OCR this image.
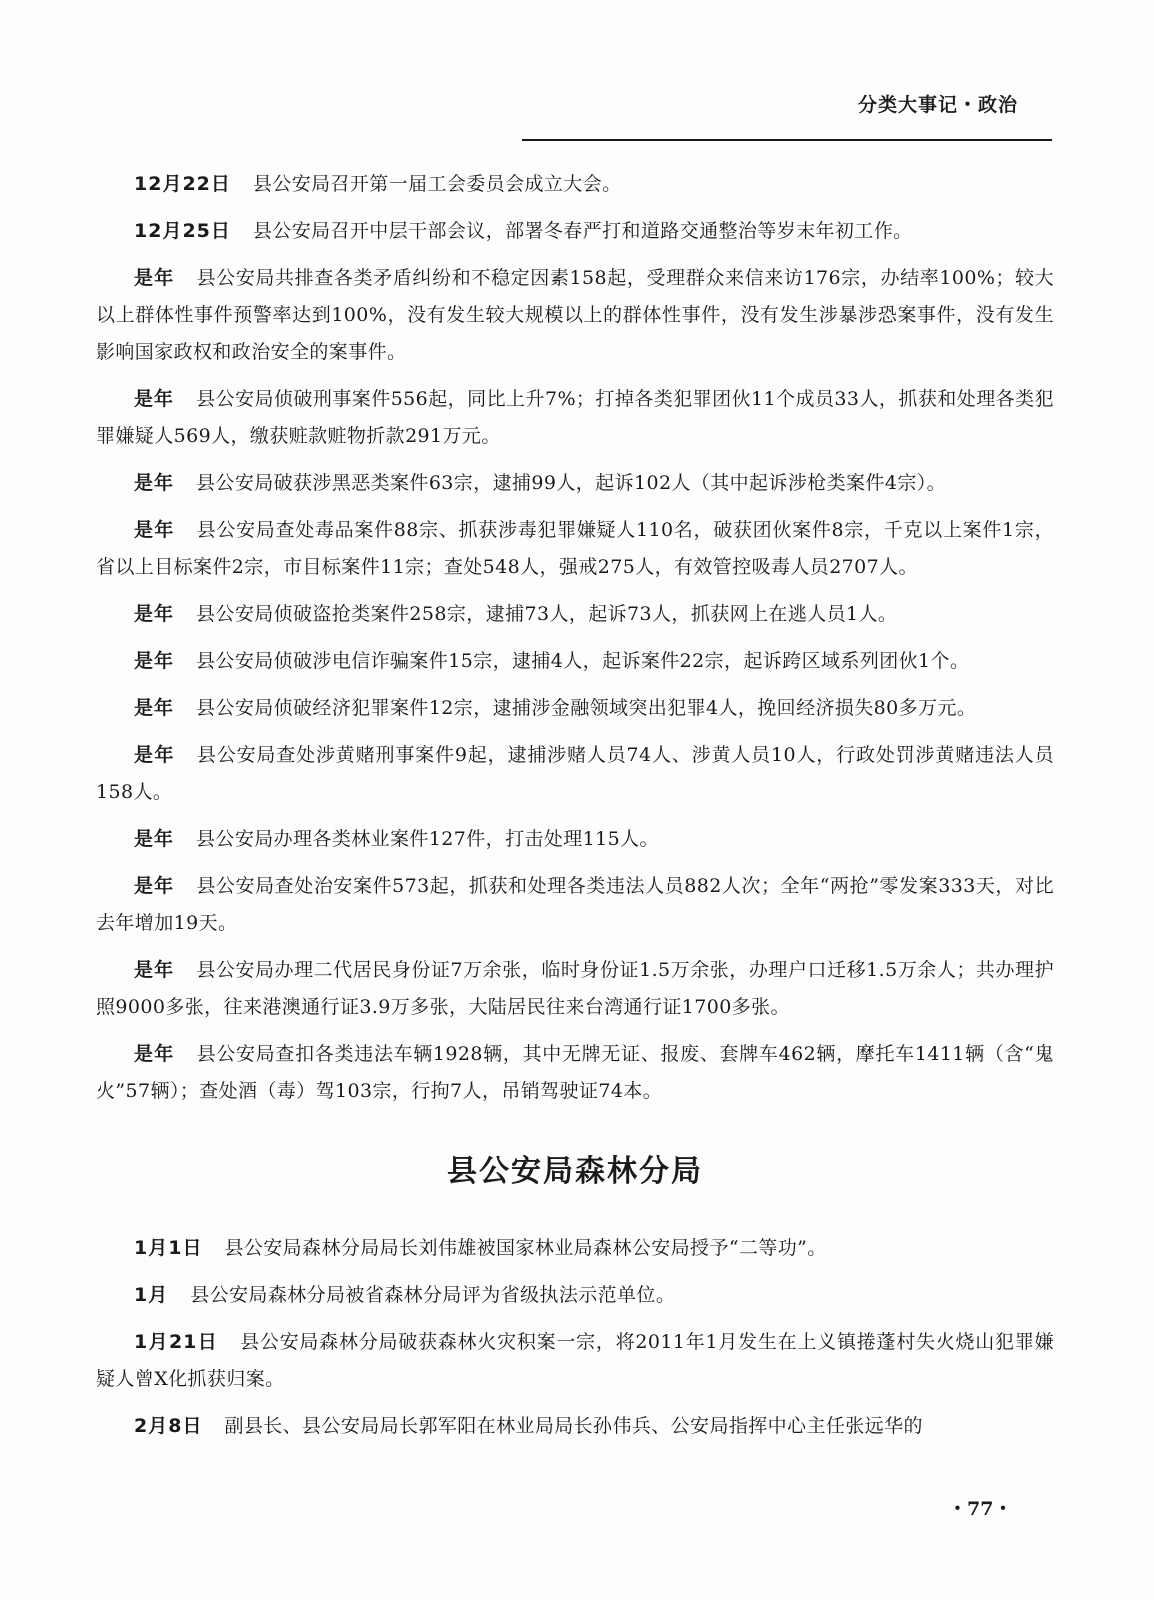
分类大事记・政治

12月22日 县公安局召开第一届工会委员会成立大会。

12月25日 县公安局召开中层干部会议，部署冬春严打和道路交通整治等岁末年初工作。

是年 县公安局共排查各类矛盾纠纷和不稳定因素158起，受理群众来信来访176宗，办结率100%；较大以上群体性事件预警率达到100%，没有发生较大规模以上的群体性事件，没有发生涉暴涉恐案事件，没有发生影响国家政权和政治安全的案事件。

是年 县公安局侦破刑事案件556起，同比上升7%；打掉各类犯罪团伙11个成员33人，抓获和处理各类犯罪嫌疑人569人，缴获赃款赃物折款291万元。

是年 县公安局破获涉黑恶类案件63宗，逮捕99人，起诉102人（其中起诉涉枪类案件4宗）。

是年 县公安局查处毒品案件88宗、抓获涉毒犯罪嫌疑人110名，破获团伙案件8宗，千克以上案件1宗，省以上目标案件2宗，市目标案件11宗；查处548人，强戒275人，有效管控吸毒人员2707人。

是年 县公安局侦破盗抢类案件258宗，逮捕73人，起诉73人，抓获网上在逃人员1人。

是年 县公安局侦破涉电信诈骗案件15宗，逮捕4人，起诉案件22宗，起诉跨区域系列团伙1个。

是年 县公安局侦破经济犯罪案件12宗，逮捕涉金融领域突出犯罪4人，挽回经济损失80多万元。

是年 县公安局查处涉黄赌刑事案件9起，逮捕涉赌人员74人、涉黄人员10人，行政处罚涉黄赌违法人员158人。

是年 县公安局办理各类林业案件127件，打击处理115人。

是年 县公安局查处治安案件573起，抓获和处理各类违法人员882人次；全年“两抢”零发案333天，对比去年增加19天。

是年 县公安局办理二代居民身份证7万余张，临时身份证1.5万余张，办理户口迁移1.5万余人；共办理护照9000多张，往来港澳通行证3.9万多张，大陆居民往来台湾通行证1700多张。

是年 县公安局查扣各类违法车辆1928辆，其中无牌无证、报废、套牌车462辆，摩托车1411辆（含“鬼火”57辆）；查处酒（毒）驾103宗，行拘7人，吊销驾驶证74本。

县公安局森林分局

1月1日 县公安局森林分局局长刘伟雄被国家林业局森林公安局授予“二等功”。

1月 县公安局森林分局被省森林分局评为省级执法示范单位。

1月21日 县公安局森林分局破获森林火灾积案一宗，将2011年1月发生在上义镇捲蓬村失火烧山犯罪嫌疑人曾X化抓获归案。

2月8日 副县长、县公安局局长郭军阳在林业局局长孙伟兵、公安局指挥中心主任张远华的

・77・
